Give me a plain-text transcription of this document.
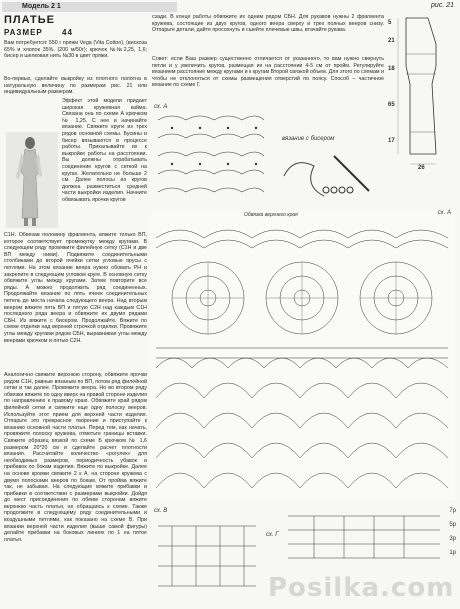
Модель 2 1	рис. 21
ПЛАТЬЕ
РАЗМЕР 44
Вам потребуется: 550 г пряжи Vega (Vita Cotton), (вискоза 65% и хлопок 35%, (200 м/50г); крючок №№2,25, 1,6; бисер и шелковая нить №30 в цвет пряжи.
Во-первых, сделайте выкройку из плотного полотна в натуральную величину по размерам рис. 21 или индивидуальным размерам.
Эффект этой модели придает широкая кружевная кайма. Связана она по схеме А крючком № 1,25. С нее и начинайте вязание. Свяжите круги из трех рядов основной схемы. Бусины и бисер вязываются в процессе работы. Прикалывайте их к выкройке работы на расстоянии. Вы должны отрабатывать соединение кругов с сеткой на кругах. Желательно не больше 2 см. Далее полосы из кругов должна разместиться средней части выкройки изделия. Начните обвязывать ярочки кругов
С1Н. Обвязав половину фрагмента, вяжите только ВП, которое соответствует промежутку между кругами. В следующем ряду провяжите филейную сетку (С1Н и две ВП между ними). Подвяжите соединительными столбиками до второй ячейки сетки угловые ярусы с петлями. На этом вязание веера нужно обовать РН и закрепите в следующем угловом круге. В основную сетку обвяжите углы между кругами. Затем повторите все ряды. А можно продолжить ряд соединенных. Продолжайте вязание по пять ячеек соединительных петель до места начала следующего веера. Над вторым веером вяжите пять ВП и пятую С2Н над каждым С1Н последнего ряда веера и обвяжите их двумя рядами СБН. Из вяжите с бисером. Продолжайте. Вяжите по схеме отделки над верхней строчкой отделки. Провяжите углы между кругами рядом СБН, выравнивая углы между веерами крючком и пятью С2Н.
Аналогично свяжите верхнюю сторону, обвяжите ярочки рядом С1Н, равные вязаным по ВП, потом ряд филейной сетки и так далее. Провяжите веера. Но во втором ряду обвязки вяжите по одну вверх на правой стороне изделия по направлению к правому краю. Обвяжите край рядом филейной сетки и свяжите еще одну полоску вееров. Используйте этот прием для верхней части изделия. Отпарьте это прекрасное творение и приступайте к вязанию основной части платья. Перед тем, как начать, провяжите полоску кружева, отметьте границы вставки. Свяжите образец вязкой по схеме Б крючком № 1,6 размером 20*20 см и сделайте расчет плотности вязания. Рассчитайте количество «рогулек» для необходимых размеров, периодичность убавок и прибавок по бокам изделия. Вяжите по выкройке. Далее на основе кромки свяжите 2 к А. на стороне кружева с двумя полосками вееров по бокам. От пройма вяжите так, не забывая. На следующие вяжите прибавки и прибавки в соответствии с размерами выкройки. Дойдя до мест присоединения по обеим сторонам вяжите верхнюю часть платья, не обращаясь к схеме. Также продолжите в следующему ряду соединительными и воздушными петлями, как показано на схеме В. При вязании верхней части изделия (выше самой фигуры) делайте прибавки на боковых линиях по 1 на пятое платья.
сзади. В конце работы обвяжите их одним рядом СБН. Для рукавов нужны 2 фрагмента кружева, состоящие из двух кругов, одного веера сверху и трех полных вееров снизу. Отпарьте детали, дайте просохнуть и сшейте плечевые швы, втачайте рукава.
Совет: если Ваш размер существенно отличается от указанного, то вам нужно свернуть петли и у увеличить кругов, размещая их на расстоянии 4-5 см от пройм. Регулируйте вязанием расстояние между кругами и к кругам Второй связкой объем. Для этого по схемам и чтобы не отклоняться от схемы размещения отверстий по поясу. Способ – частичное вязание по схеме Г.
5
21
18
65
17
26
сх. А
вязание с бисером
сх. А
Обвязка верхнего края
сх. В
сх. Г
7р
5р
3р
1р
Posilka.com
